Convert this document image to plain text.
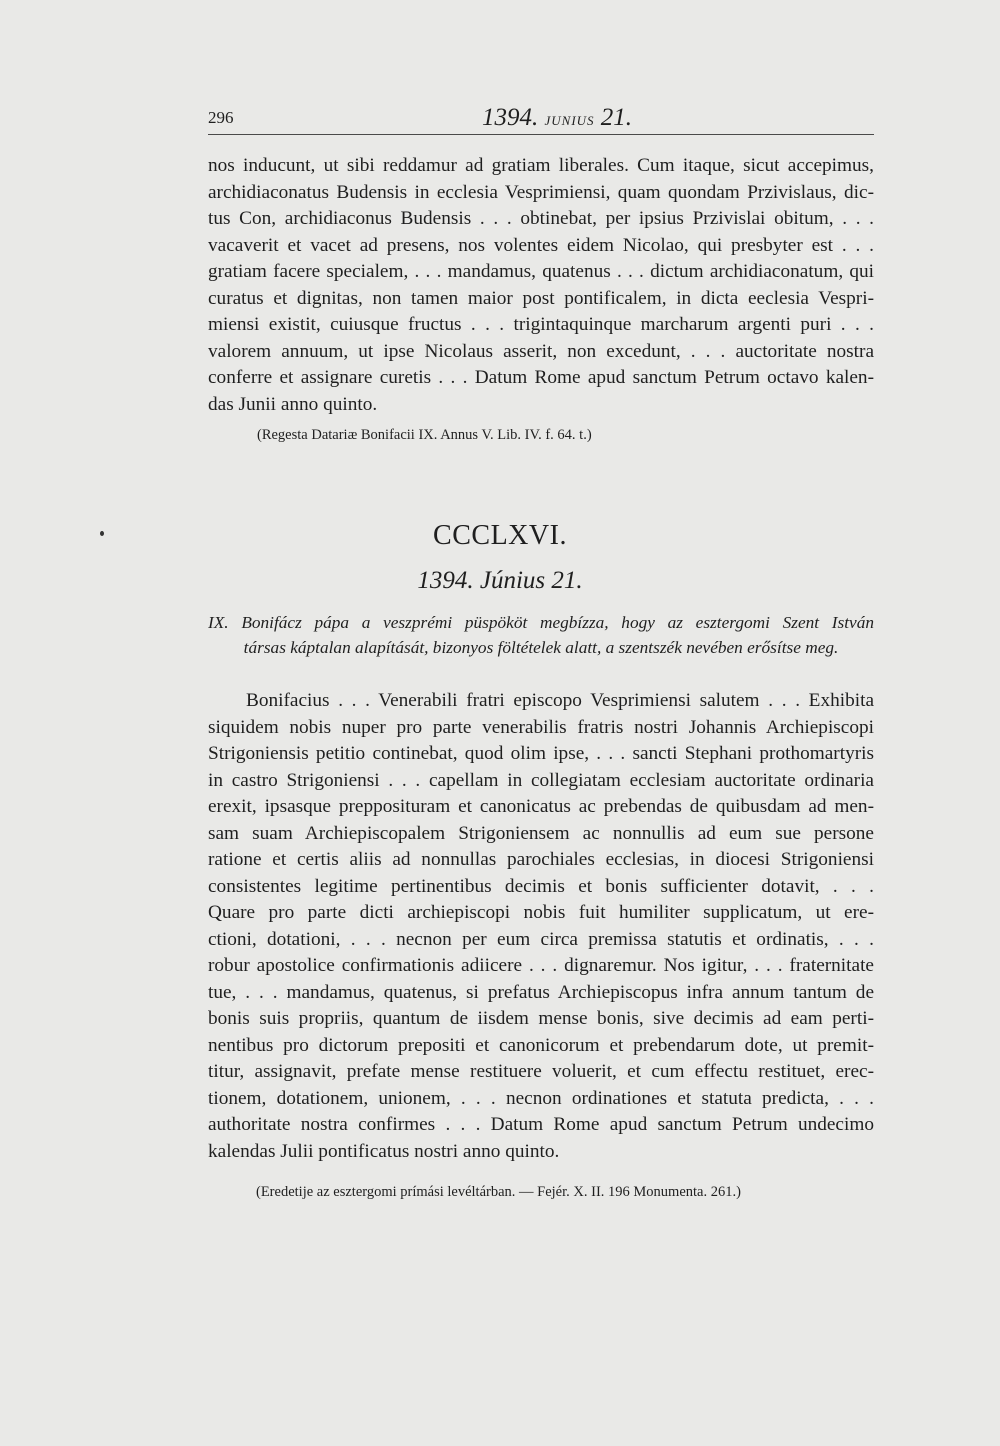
296	1394. JUNIUS 21.
nos inducunt, ut sibi reddamur ad gratiam liberales. Cum itaque, sicut accepimus,
archidiaconatus Budensis in ecclesia Vesprimiensi, quam quondam Przivislaus, dic-
tus Con, archidiaconus Budensis . . . obtinebat, per ipsius Przivislai obitum, . . .
vacaverit et vacet ad presens, nos volentes eidem Nicolao, qui presbyter est . . .
gratiam facere specialem, . . . mandamus, quatenus . . . dictum archidiaconatum, qui
curatus et dignitas, non tamen maior post pontificalem, in dicta eeclesia Vespri-
miensi existit, cuiusque fructus . . . trigintaquinque marcharum argenti puri . . .
valorem annuum, ut ipse Nicolaus asserit, non excedunt, . . . auctoritate nostra
conferre et assignare curetis . . . Datum Rome apud sanctum Petrum octavo kalen-
das Junii anno quinto.
(Regesta Datariæ Bonifacii IX. Annus V. Lib. IV. f. 64. t.)
CCCLXVI.
1394. Június 21.
IX. Bonifácz pápa a veszprémi püspököt megbízza, hogy az esztergomi Szent István
társas káptalan alapítását, bizonyos föltételek alatt, a szentszék nevében erősítse meg.
Bonifacius . . . Venerabili fratri episcopo Vesprimiensi salutem . . . Exhibita
siquidem nobis nuper pro parte venerabilis fratris nostri Johannis Archiepiscopi
Strigoniensis petitio continebat, quod olim ipse, . . . sancti Stephani prothomartyris
in castro Strigoniensi . . . capellam in collegiatam ecclesiam auctoritate ordinaria
erexit, ipsasque prepposituram et canonicatus ac prebendas de quibusdam ad men-
sam suam Archiepiscopalem Strigoniensem ac nonnullis ad eum sue persone
ratione et certis aliis ad nonnullas parochiales ecclesias, in diocesi Strigoniensi
consistentes legitime pertinentibus decimis et bonis sufficienter dotavit, . . .
Quare pro parte dicti archiepiscopi nobis fuit humiliter supplicatum, ut ere-
ctioni, dotationi, . . . necnon per eum circa premissa statutis et ordinatis, . . .
robur apostolice confirmationis adiicere . . . dignaremur. Nos igitur, . . . fraternitate
tue, . . . mandamus, quatenus, si prefatus Archiepiscopus infra annum tantum de
bonis suis propriis, quantum de iisdem mense bonis, sive decimis ad eam perti-
nentibus pro dictorum prepositi et canonicorum et prebendarum dote, ut premit-
titur, assignavit, prefate mense restituere voluerit, et cum effectu restituet, erec-
tionem, dotationem, unionem, . . . necnon ordinationes et statuta predicta, . . .
authoritate nostra confirmes . . . Datum Rome apud sanctum Petrum undecimo
kalendas Julii pontificatus nostri anno quinto.
(Eredetije az esztergomi prímási levéltárban. — Fejér. X. II. 196 Monumenta. 261.)
